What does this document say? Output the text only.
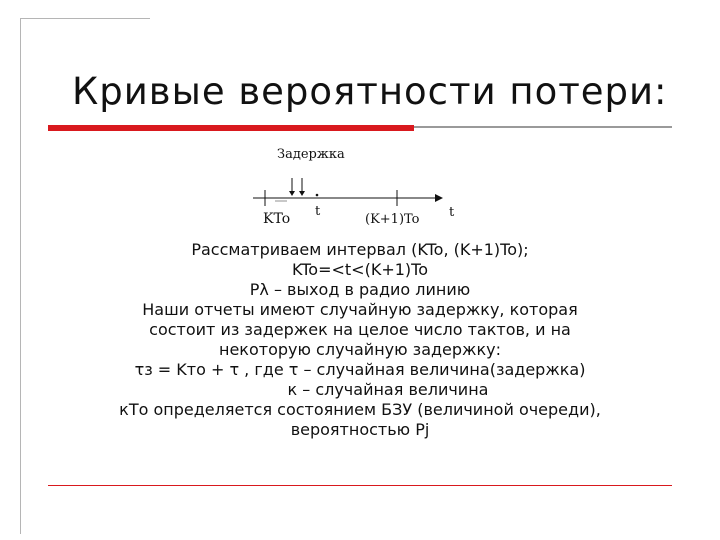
Кривые вероятности потери:
Задержка
KTo t
(K+1)To t
Рассматриваем интервал (KTo, (K+1)To);
KTo=<t<(K+1)To
Pλ – выход в радио линию
Наши отчеты имеют случайную задержку, которая
состоит из задержек на целое число тактов, и на
некоторую случайную задержку:
τз = Kто + τ , где τ – случайная величина(задержка)
к – случайная величина
кТо определяется состоянием БЗУ (величиной очереди),
вероятностью Pj
